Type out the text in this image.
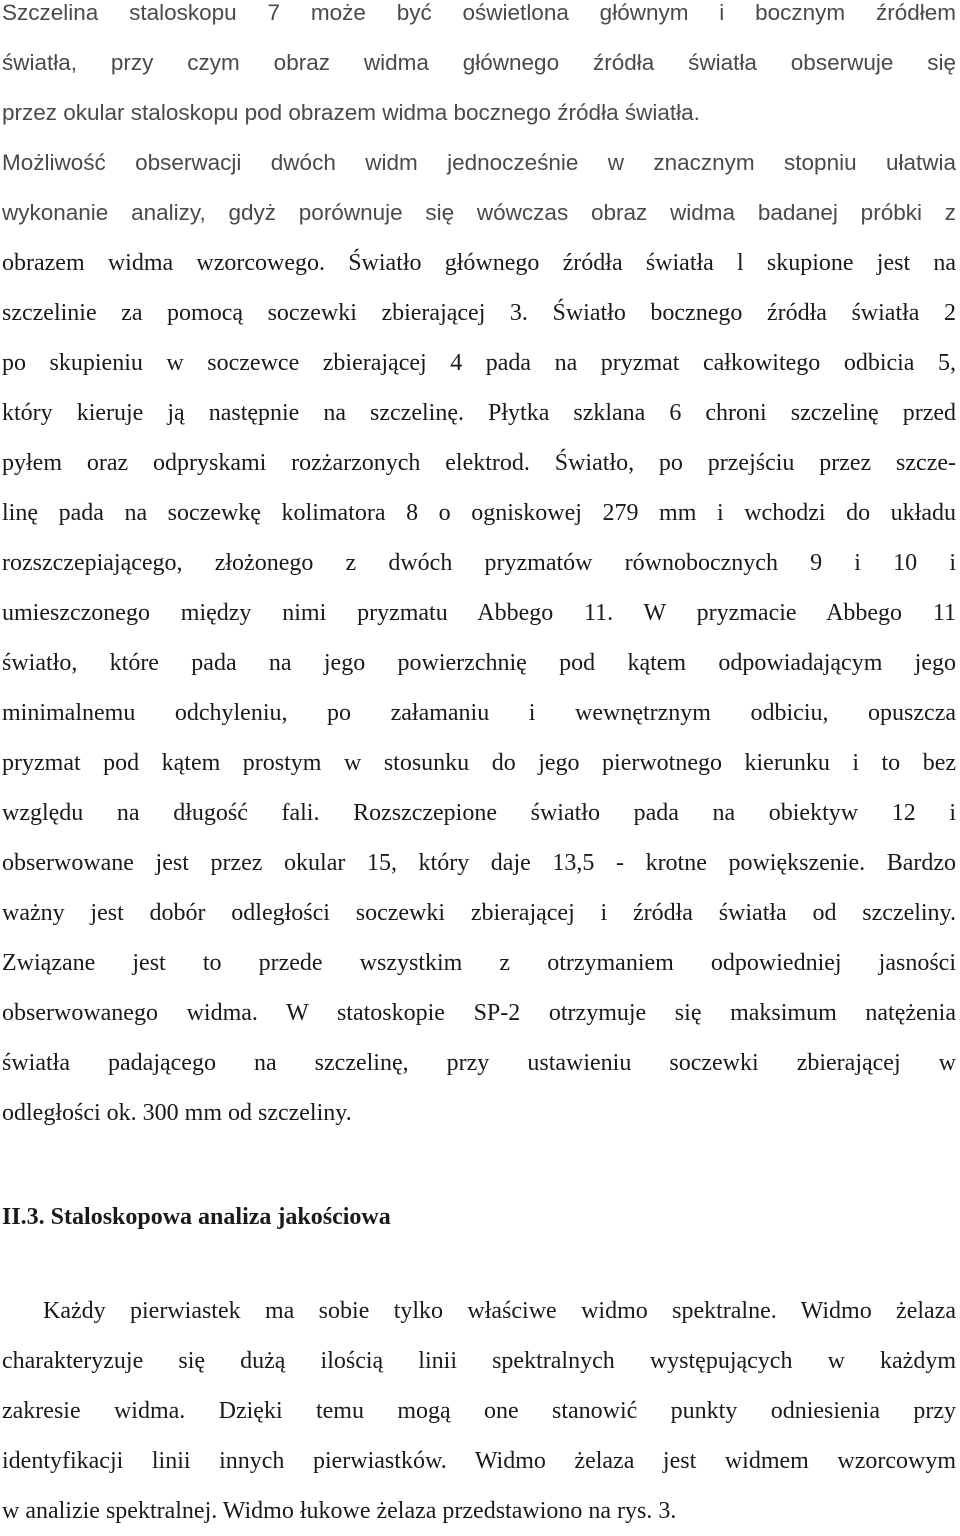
Szczelina staloskopu 7 może być oświetlona głównym i bocznym źródłem
światła, przy czym obraz widma głównego źródła światła obserwuje się
przez okular staloskopu pod obrazem widma bocznego źródła światła.
Możliwość obserwacji dwóch widm jednocześnie w znacznym stopniu ułatwia
wykonanie analizy, gdyż porównuje się wówczas obraz widma badanej próbki z
obrazem widma wzorcowego. Światło głównego źródła światła l skupione jest na
szczelinie za pomocą soczewki zbierającej 3. Światło bocznego źródła światła 2
po skupieniu w soczewce zbierającej 4 pada na pryzmat całkowitego odbicia 5,
który kieruje ją następnie na szczelinę. Płytka szklana 6 chroni szczelinę przed
pyłem oraz odpryskami rozżarzonych elektrod. Światło, po przejściu przez szcze-
linę pada na soczewkę kolimatora 8 o ogniskowej 279 mm i wchodzi do układu
rozszczepiającego, złożonego z dwóch pryzmatów równobocznych 9 i 10 i
umieszczonego między nimi pryzmatu Abbego 11. W pryzmacie Abbego 11
światło, które pada na jego powierzchnię pod kątem odpowiadającym jego
minimalnemu odchyleniu, po załamaniu i wewnętrznym odbiciu, opuszcza
pryzmat pod kątem prostym w stosunku do jego pierwotnego kierunku i to bez
względu na długość fali. Rozszczepione światło pada na obiektyw 12 i
obserwowane jest przez okular 15, który daje 13,5 - krotne powiększenie. Bardzo
ważny jest dobór odległości soczewki zbierającej i źródła światła od szczeliny.
Związane jest to przede wszystkim z otrzymaniem odpowiedniej jasności
obserwowanego widma. W statoskopie SP-2 otrzymuje się maksimum natężenia
światła padającego na szczelinę, przy ustawieniu soczewki zbierającej w
odległości ok. 300 mm od szczeliny.
II.3. Staloskopowa analiza jakościowa
Każdy pierwiastek ma sobie tylko właściwe widmo spektralne. Widmo żelaza
charakteryzuje się dużą ilością linii spektralnych występujących w każdym
zakresie widma. Dzięki temu mogą one stanowić punkty odniesienia przy
identyfikacji linii innych pierwiastków. Widmo żelaza jest widmem wzorcowym
w analizie spektralnej. Widmo łukowe żelaza przedstawiono na rys. 3.
